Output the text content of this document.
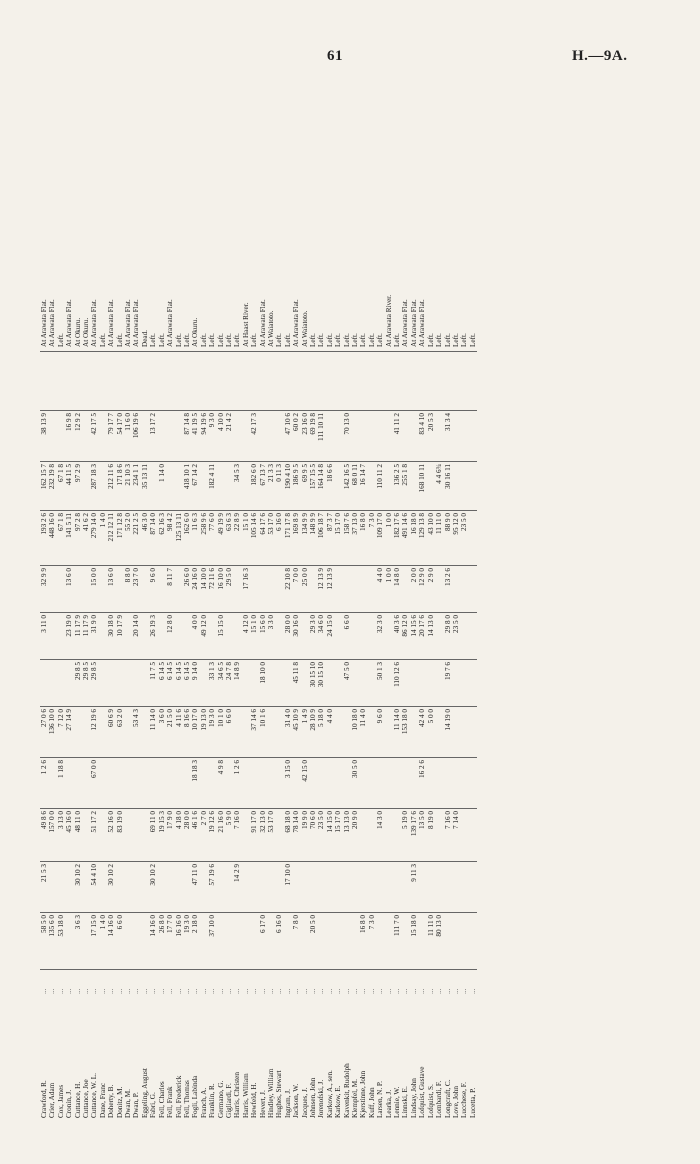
61	H.—9A.
Crawford, R.	...	58 5 0	21 5 3	49 8 6	1 2 6	27 0 6		3 11 0	32 9 9	193 2 6	162 15 7	38 13 9		At Arawata Flat.
Crier, Adam	...	135 6 0		157 0 0		136 10 0				448 16 0	232 19 8			At Arawata Flat.
Cox, James	...	53 18 0		3 13 0	1 18 8	7 12 0				67 1 8	67 1 8			Left.
Cronin, J.	...			45 16 0		27 14 9		23 19 0	13 6 0	141 5 11	44 11 5	16 9 8		At Arawata Flat.
Cuttance, H.	...	3 6 3	30 10 2	48 11 0			29 8 5	11 17 9		97 2 8	97 2 9	12 9 2		At Okuru.
Cuttance, Joe	...						29 8 5	11 17 9		41 6 2				At Okuru.
Cuttance, W. L.	...	17 15 0	54 4 10	51 17 2	67 0 0	12 19 6	29 8 5	31 9 0	15 0 0	279 14 0	287 18 3	42 17 5		At Arawata Flat.
Dane, Franc	...	1 4 0								1 4 0				Left.
Doherty, B.	...	14 16 0	30 10 2	52 16 0		60 6 9		30 18 0	13 6 0	212 12 11	212 11 6	79 17 7		At Arawata Flat.
Donitz, M.	...	6 6 0		83 19 0		63 2 0		10 17 9		171 12 8	171 8 6	54 17 0		Left.
Dwan, M.	...								8 8 0	55 2 0	21 10 3	11 6 0		At Arawata Flat.
Dwan, P.	...					53 4 3		20 14 0	23 7 0	221 2 5	234 1 1	106 19 6		At Arawata Flat.
Eggeling, August	...									46 3 0	35 13 11			Dead.
Fabri, G.	...	14 16 0	30 10 2	69 11 0		11 14 0	11 7 5	26 19 3	9 6 0	87 14 0		13 17 2		Left.
Fell, Charles	...	26 8 0		19 15 3		3 6 0	6 14 5			62 16 3	1 14 0			Left.
Fell, Frank	...	17 7 0		17 9 0		21 5 0	6 14 5	12 8 0	8 11 7	98 4 2				At Arawata Flat.
Fell, Frederick	...	16 16 0		4 18 0		4 11 6	6 14 5			125 13 11				Left.
Fell, Thomas	...	19 3 0		28 0 0		8 16 6	6 14 5		26 6 0	162 6 0	418 10 1	87 14 8		Left.
Fogli, Labinda	...	2 18 0	47 11 0	46 1 6	18 18 3	10 17 0	9 14 0	4 0 0	24 16 0	11 6 3	67 14 2	41 19 5		At Okuru.
Franch, A.	...			2 7 0		19 13 0		49 12 0	14 10 0	258 9 6		94 19 6		Left.
Franklin, R.	...	37 10 0	57 19 6	19 12 6		19 3 0	33 1 3		72 11 6	77 6 0	182 4 11	9 3 0		Left.
Germano, G.	...			21 16 0	4 9 8	10 1 0	34 6 5	15 15 0	16 10 0	49 19 9		4 10 0		Left.
Gigliardi, F.	...			5 9 0		6 6 0	24 7 8		29 5 0	63 6 3		21 4 2		Left.
Harris, Christen	...		14 2 9	7 16 0	1 2 6		14 8 9			22 8 9	34 5 3			Left.
Harris, William	...							4 12 0	17 16 3	15 1 0				At Haast River.
Hewfeld, H.	...			91 17 0		37 14 6		15 1 0		105 14 6	182 6 0	42 17 3		Left.
Hevert, J.	...	6 17 0		32 13 0		10 1 6	18 10 0	15 6 0		64 17 6	67 13 7			At Arawata Flat.
Hindley, William	...			53 17 0				3 3 0		53 17 0	21 3 3			At Waiatoto.
Hughes, Stewart	...	6 16 0								6 16 0	0 11 3			Left.
Ingram, J.	...		17 10 0	68 18 0	3 15 0	31 4 0		28 0 0	22 10 8	171 17 8	190 4 10	47 10 6		Left.
Jackson, W.	...	7 8 0		78 14 0		45 10 9	45 11 8	30 16 0	7 0 0	169 8 9	186 9 5	60 0 2		At Arawata Flat.
Jacques, J.	...			19 9 0	42 15 0	1 4 9			25 0 0	134 9 9	69 9 5	23 16 0		At Waiatoto.
Johnsen, John	...	20 5 0		70 6 0		28 10 9	30 15 10	29 3 0		148 9 9	157 15 5	69 19 8		Left.
Jorenofski, J.	...			23 5 0		5 18 0	30 15 10	34 6 0	12 13 9	106 18 7	164 14 8	111 10 11		Left.
Karkow, A., sen.	...			14 15 0		4 4 0		24 15 0	12 13 9	87 3 7	18 6 6			Left.
Karkow, E.	...			15 17 0						15 17 0				Left.
Kavenkit, Rudolph	...			13 13 0			47 5 0	6 6 0		158 7 6	142 16 5	70 13 0		Left.
Klempfel, M.	...			20 9 0	30 5 0	10 18 0				37 13 0	68 0 11			Left.
Kjerstinne, John	...	16 8 0				11 4 0				16 8 0	16 14 7			Left.
Kuff, John	...	7 3 0								7 3 0				Left.
Larsen, N. P.	...			14 3 0		9 6 0	50 1 3	32 3 0	4 4 0	109 17 0	110 11 2			Left.
Learka, J.	...								1 0 0	1 0 0				At Arawata River.
Lennie, W.	...	111 7 0				11 14 0	110 12 6	40 3 6	14 8 0	182 17 6	136 2 5	41 11 2		Left.
Linnski, E.	...			5 19 0		153 18 0		86 12 0		491 14 6	255 1 8			At Arawata Flat.
Lindsay, John	...	15 18 0	9 11 3	139 17 6				14 15 6	2 0 0	16 18 0				At Arawata Flat.
Lofquist, Gustave	...			13 5 0	16 2 6	42 4 0		20 17 6	12 9 0	129 13 8	168 10 11	83 4 10		At Arawata Flat.
Lofquist, S.	...	11 11 0		8 19 0		5 0 0		14 13 0	2 9 0	43 10 0		20 5 3		Left.
Lombardi, F.	...	80 13 0								11 11 0	4 4 6¾			Left.
Longcraft, C.	...			7 16 0		14 19 0	19 7 6	29 8 0	13 2 6	88 9 0	30 16 11	31 3 4		Left.
Love, John	...			7 14 0				23 5 0		95 12 0				Left.
Lucchese, F.	...									23 5 0				Left.
Lucetta, P.	...													Left.
